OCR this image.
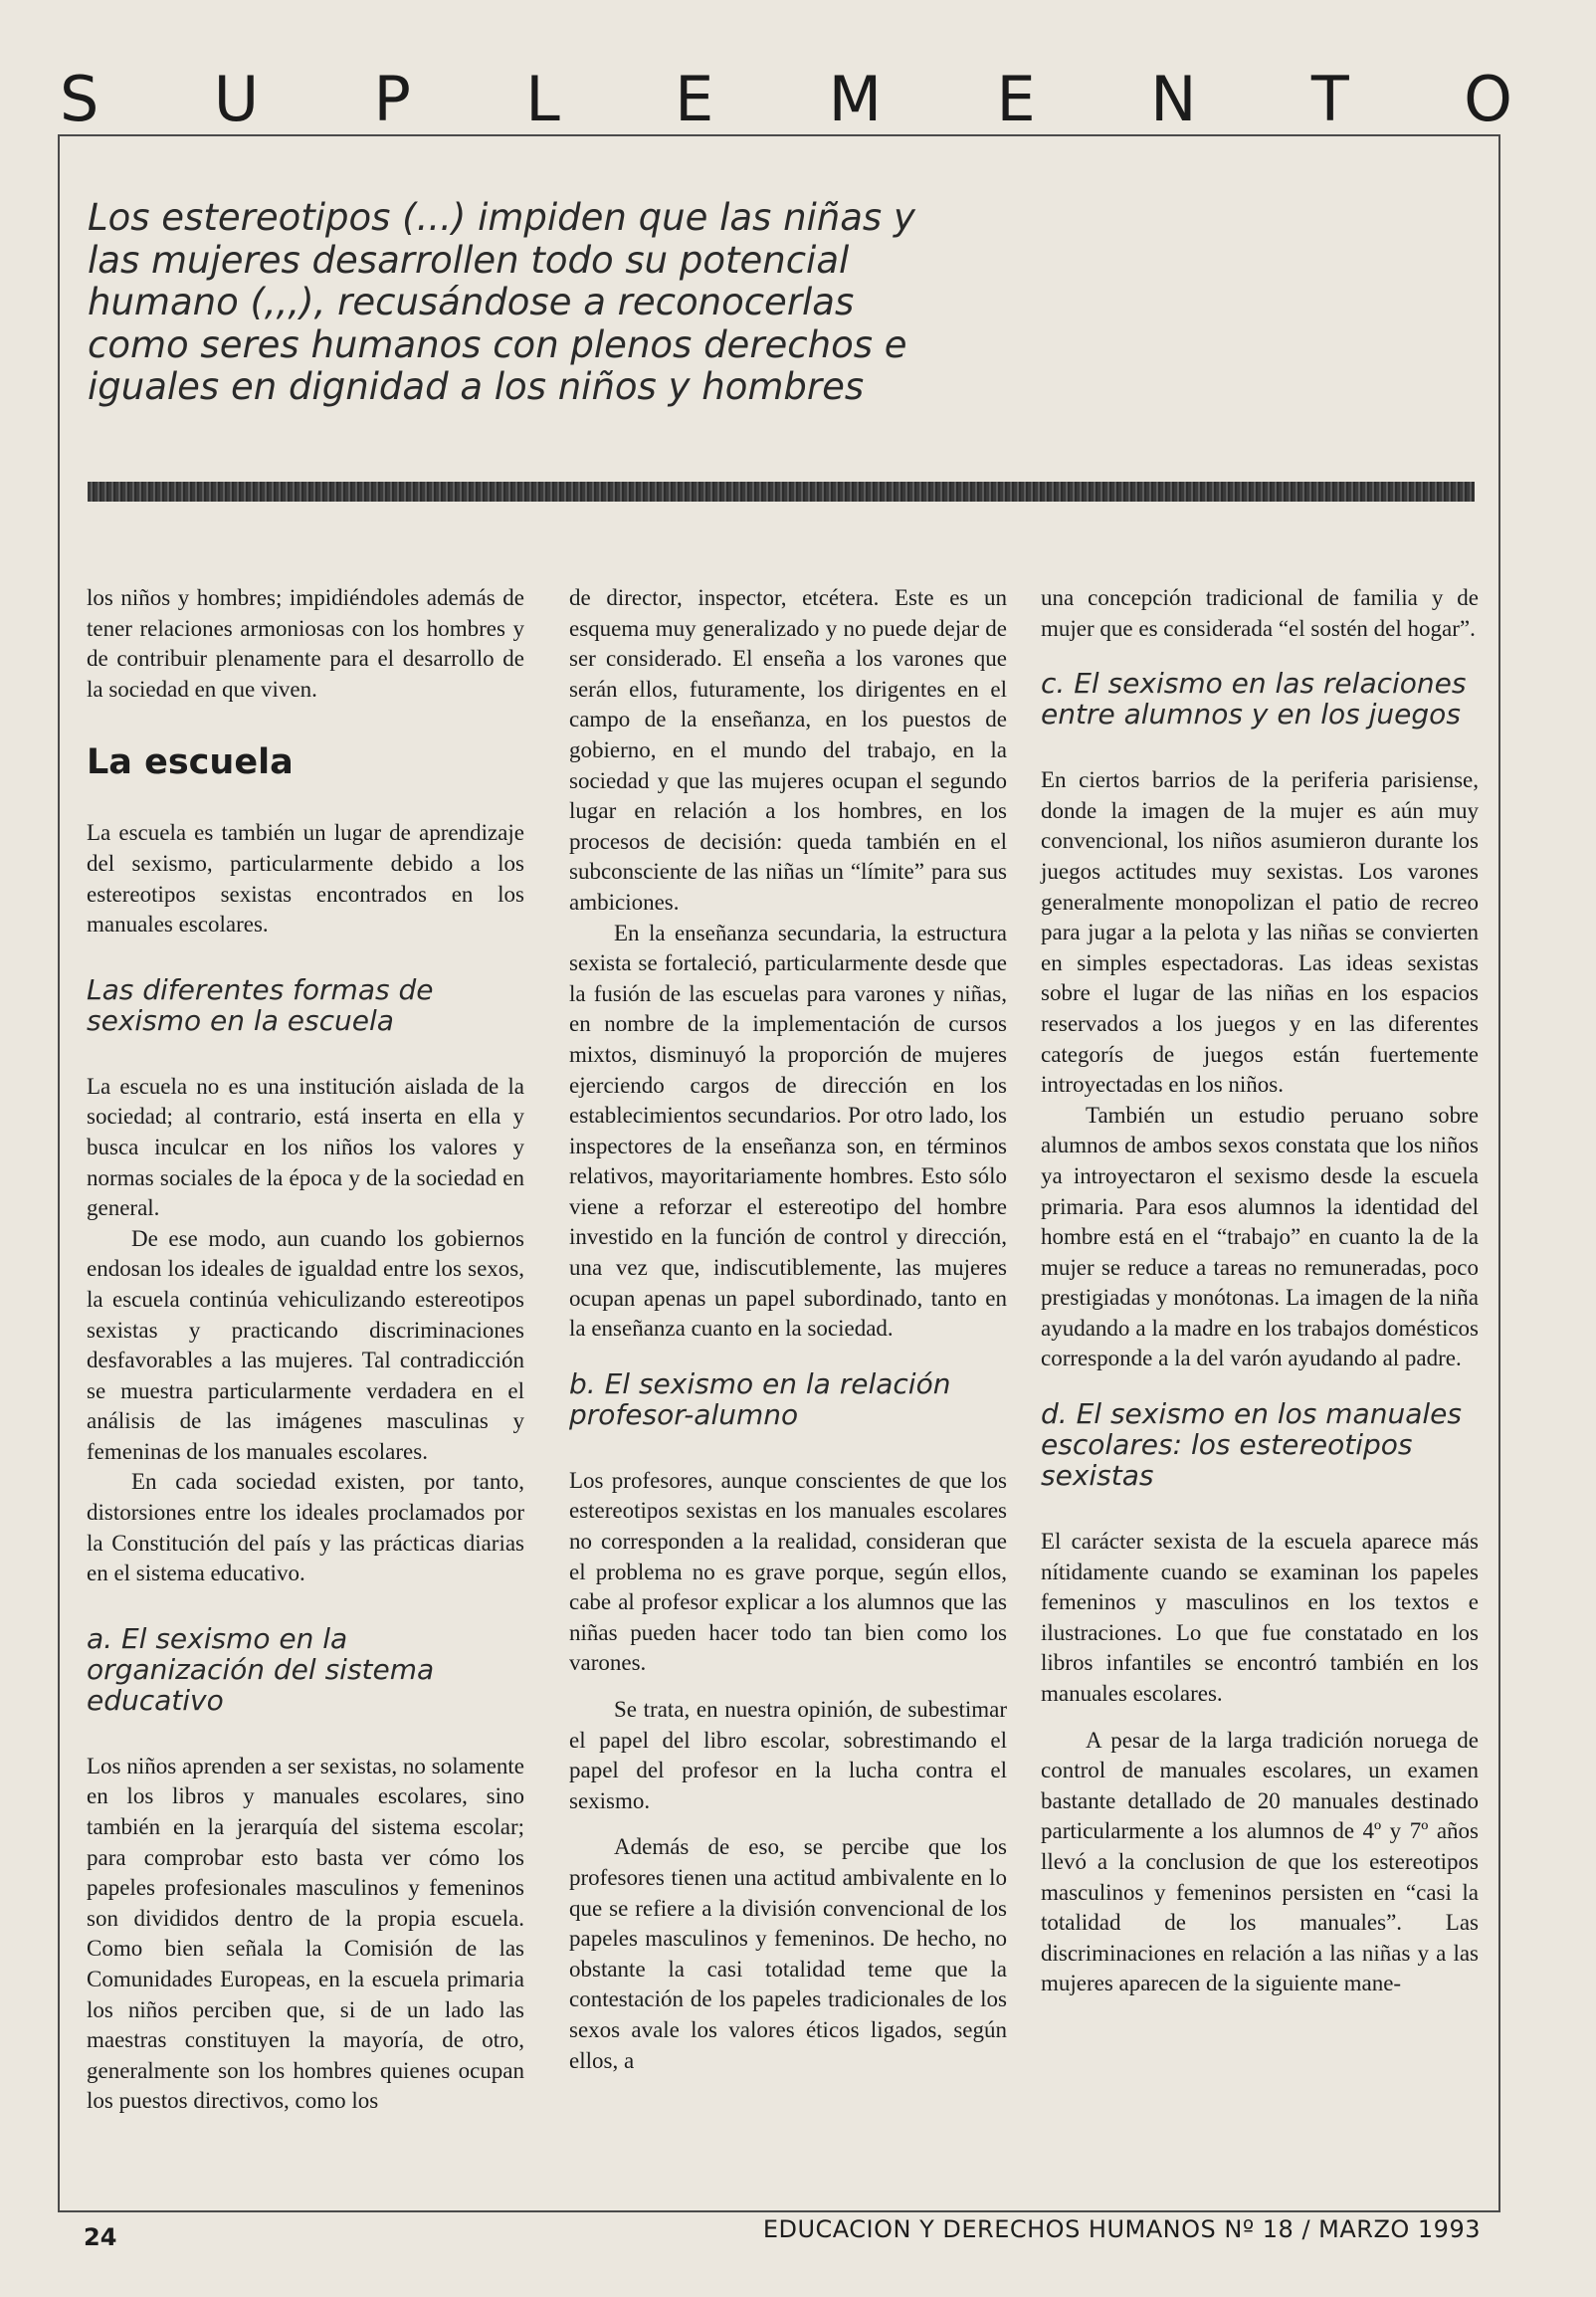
S U P L E M E N T O

Los estereotipos (...) impiden que las niñas y las mujeres desarrollen todo su potencial humano (,,,), recusándose a reconocerlas como seres humanos con plenos derechos e iguales en dignidad a los niños y hombres

los niños y hombres; impidiéndoles además de tener relaciones armoniosas con los hombres y de contribuir plenamente para el desarrollo de la sociedad en que viven.

La escuela

La escuela es también un lugar de aprendizaje del sexismo, particularmente debido a los estereotipos sexistas encontrados en los manuales escolares.

Las diferentes formas de sexismo en la escuela

La escuela no es una institución aislada de la sociedad; al contrario, está inserta en ella y busca inculcar en los niños los valores y normas sociales de la época y de la sociedad en general.

De ese modo, aun cuando los gobiernos endosan los ideales de igualdad entre los sexos, la escuela continúa vehiculizando estereotipos sexistas y practicando discriminaciones desfavorables a las mujeres. Tal contradicción se muestra particularmente verdadera en el análisis de las imágenes masculinas y femeninas de los manuales escolares.

En cada sociedad existen, por tanto, distorsiones entre los ideales proclamados por la Constitución del país y las prácticas diarias en el sistema educativo.

a. El sexismo en la organización del sistema educativo

Los niños aprenden a ser sexistas, no solamente en los libros y manuales escolares, sino también en la jerarquía del sistema escolar; para comprobar esto basta ver cómo los papeles profesionales masculinos y femeninos son divididos dentro de la propia escuela. Como bien señala la Comisión de las Comunidades Europeas, en la escuela primaria los niños perciben que, si de un lado las maestras constituyen la mayoría, de otro, generalmente son los hombres quienes ocupan los puestos directivos, como los

de director, inspector, etcétera. Este es un esquema muy generalizado y no puede dejar de ser considerado. El enseña a los varones que serán ellos, futuramente, los dirigentes en el campo de la enseñanza, en los puestos de gobierno, en el mundo del trabajo, en la sociedad y que las mujeres ocupan el segundo lugar en relación a los hombres, en los procesos de decisión: queda también en el subconsciente de las niñas un “límite” para sus ambiciones.

En la enseñanza secundaria, la estructura sexista se fortaleció, particularmente desde que la fusión de las escuelas para varones y niñas, en nombre de la implementación de cursos mixtos, disminuyó la proporción de mujeres ejerciendo cargos de dirección en los establecimientos secundarios. Por otro lado, los inspectores de la enseñanza son, en términos relativos, mayoritariamente hombres. Esto sólo viene a reforzar el estereotipo del hombre investido en la función de control y dirección, una vez que, indiscutiblemente, las mujeres ocupan apenas un papel subordinado, tanto en la enseñanza cuanto en la sociedad.

b. El sexismo en la relación profesor-alumno

Los profesores, aunque conscientes de que los estereotipos sexistas en los manuales escolares no corresponden a la realidad, consideran que el problema no es grave porque, según ellos, cabe al profesor explicar a los alumnos que las niñas pueden hacer todo tan bien como los varones.

Se trata, en nuestra opinión, de subestimar el papel del libro escolar, sobrestimando el papel del profesor en la lucha contra el sexismo.

Además de eso, se percibe que los profesores tienen una actitud ambivalente en lo que se refiere a la división convencional de los papeles masculinos y femeninos. De hecho, no obstante la casi totalidad teme que la contestación de los papeles tradicionales de los sexos avale los valores éticos ligados, según ellos, a

una concepción tradicional de familia y de mujer que es considerada “el sostén del hogar”.

c. El sexismo en las relaciones entre alumnos y en los juegos

En ciertos barrios de la periferia parisiense, donde la imagen de la mujer es aún muy convencional, los niños asumieron durante los juegos actitudes muy sexistas. Los varones generalmente monopolizan el patio de recreo para jugar a la pelota y las niñas se convierten en simples espectadoras. Las ideas sexistas sobre el lugar de las niñas en los espacios reservados a los juegos y en las diferentes categorís de juegos están fuertemente introyectadas en los niños.

También un estudio peruano sobre alumnos de ambos sexos constata que los niños ya introyectaron el sexismo desde la escuela primaria. Para esos alumnos la identidad del hombre está en el “trabajo” en cuanto la de la mujer se reduce a tareas no remuneradas, poco prestigiadas y monótonas. La imagen de la niña ayudando a la madre en los trabajos domésticos corresponde a la del varón ayudando al padre.

d. El sexismo en los manuales escolares: los estereotipos sexistas

El carácter sexista de la escuela aparece más nítidamente cuando se examinan los papeles femeninos y masculinos en los textos e ilustraciones. Lo que fue constatado en los libros infantiles se encontró también en los manuales escolares.

A pesar de la larga tradición noruega de control de manuales escolares, un examen bastante detallado de 20 manuales destinado particularmente a los alumnos de 4º y 7º años llevó a la conclusion de que los estereotipos masculinos y femeninos persisten en “casi la totalidad de los manuales”. Las discriminaciones en relación a las niñas y a las mujeres aparecen de la siguiente mane-

24	EDUCACION Y DERECHOS HUMANOS Nº 18 / MARZO 1993
